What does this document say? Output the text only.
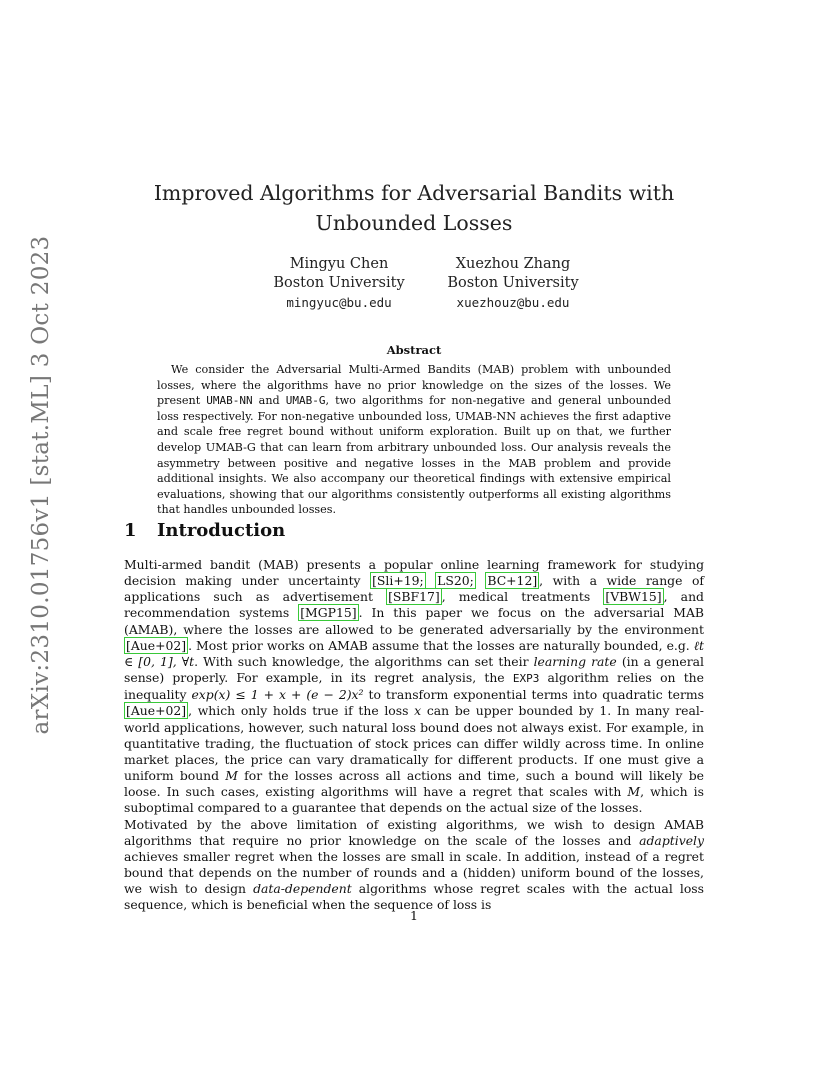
arXiv:2310.01756v1 [stat.ML] 3 Oct 2023
Improved Algorithms for Adversarial Bandits with
Unbounded Losses
Mingyu Chen
Boston University
mingyuc@bu.edu
Xuezhou Zhang
Boston University
xuezhouz@bu.edu
Abstract

We consider the Adversarial Multi-Armed Bandits (MAB) problem with unbounded losses, where the algorithms have no prior knowledge on the sizes of the losses. We present UMAB-NN and UMAB-G, two algorithms for non-negative and general unbounded loss respectively. For non-negative unbounded loss, UMAB-NN achieves the first adaptive and scale free regret bound without uniform exploration. Built up on that, we further develop UMAB-G that can learn from arbitrary unbounded loss. Our analysis reveals the asymmetry between positive and negative losses in the MAB problem and provide additional insights. We also accompany our theoretical findings with extensive empirical evaluations, showing that our algorithms consistently outperforms all existing algorithms that handles unbounded losses.

1 Introduction

Multi-armed bandit (MAB) presents a popular online learning framework for studying decision making under uncertainty [Sli+19; LS20; BC+12] , with a wide range of applications such as advertisement [SBF17] , medical treatments [VBW15] , and recommendation systems [MGP15] . In this paper we focus on the adversarial MAB (AMAB), where the losses are allowed to be generated adversarially by the environment [Aue+02] . Most prior works on AMAB assume that the losses are naturally bounded, e.g. ℓt ∈ [0, 1], ∀t. With such knowledge, the algorithms can set their learning rate (in a general sense) properly. For example, in its regret analysis, the EXP3 algorithm relies on the inequality exp(x) ≤ 1 + x + (e − 2)x² to transform exponential terms into quadratic terms [Aue+02] , which only holds true if the loss x can be upper bounded by 1. In many real-world applications, however, such natural loss bound does not always exist. For example, in quantitative trading, the fluctuation of stock prices can differ wildly across time. In online market places, the price can vary dramatically for different products. If one must give a uniform bound M for the losses across all actions and time, such a bound will likely be loose. In such cases, existing algorithms will have a regret that scales with M, which is suboptimal compared to a guarantee that depends on the actual size of the losses.

Motivated by the above limitation of existing algorithms, we wish to design AMAB algorithms that require no prior knowledge on the scale of the losses and adaptively achieves smaller regret when the losses are small in scale. In addition, instead of a regret bound that depends on the number of rounds and a (hidden) uniform bound of the losses, we wish to design data-dependent algorithms whose regret scales with the actual loss sequence, which is beneficial when the sequence of loss is

1
